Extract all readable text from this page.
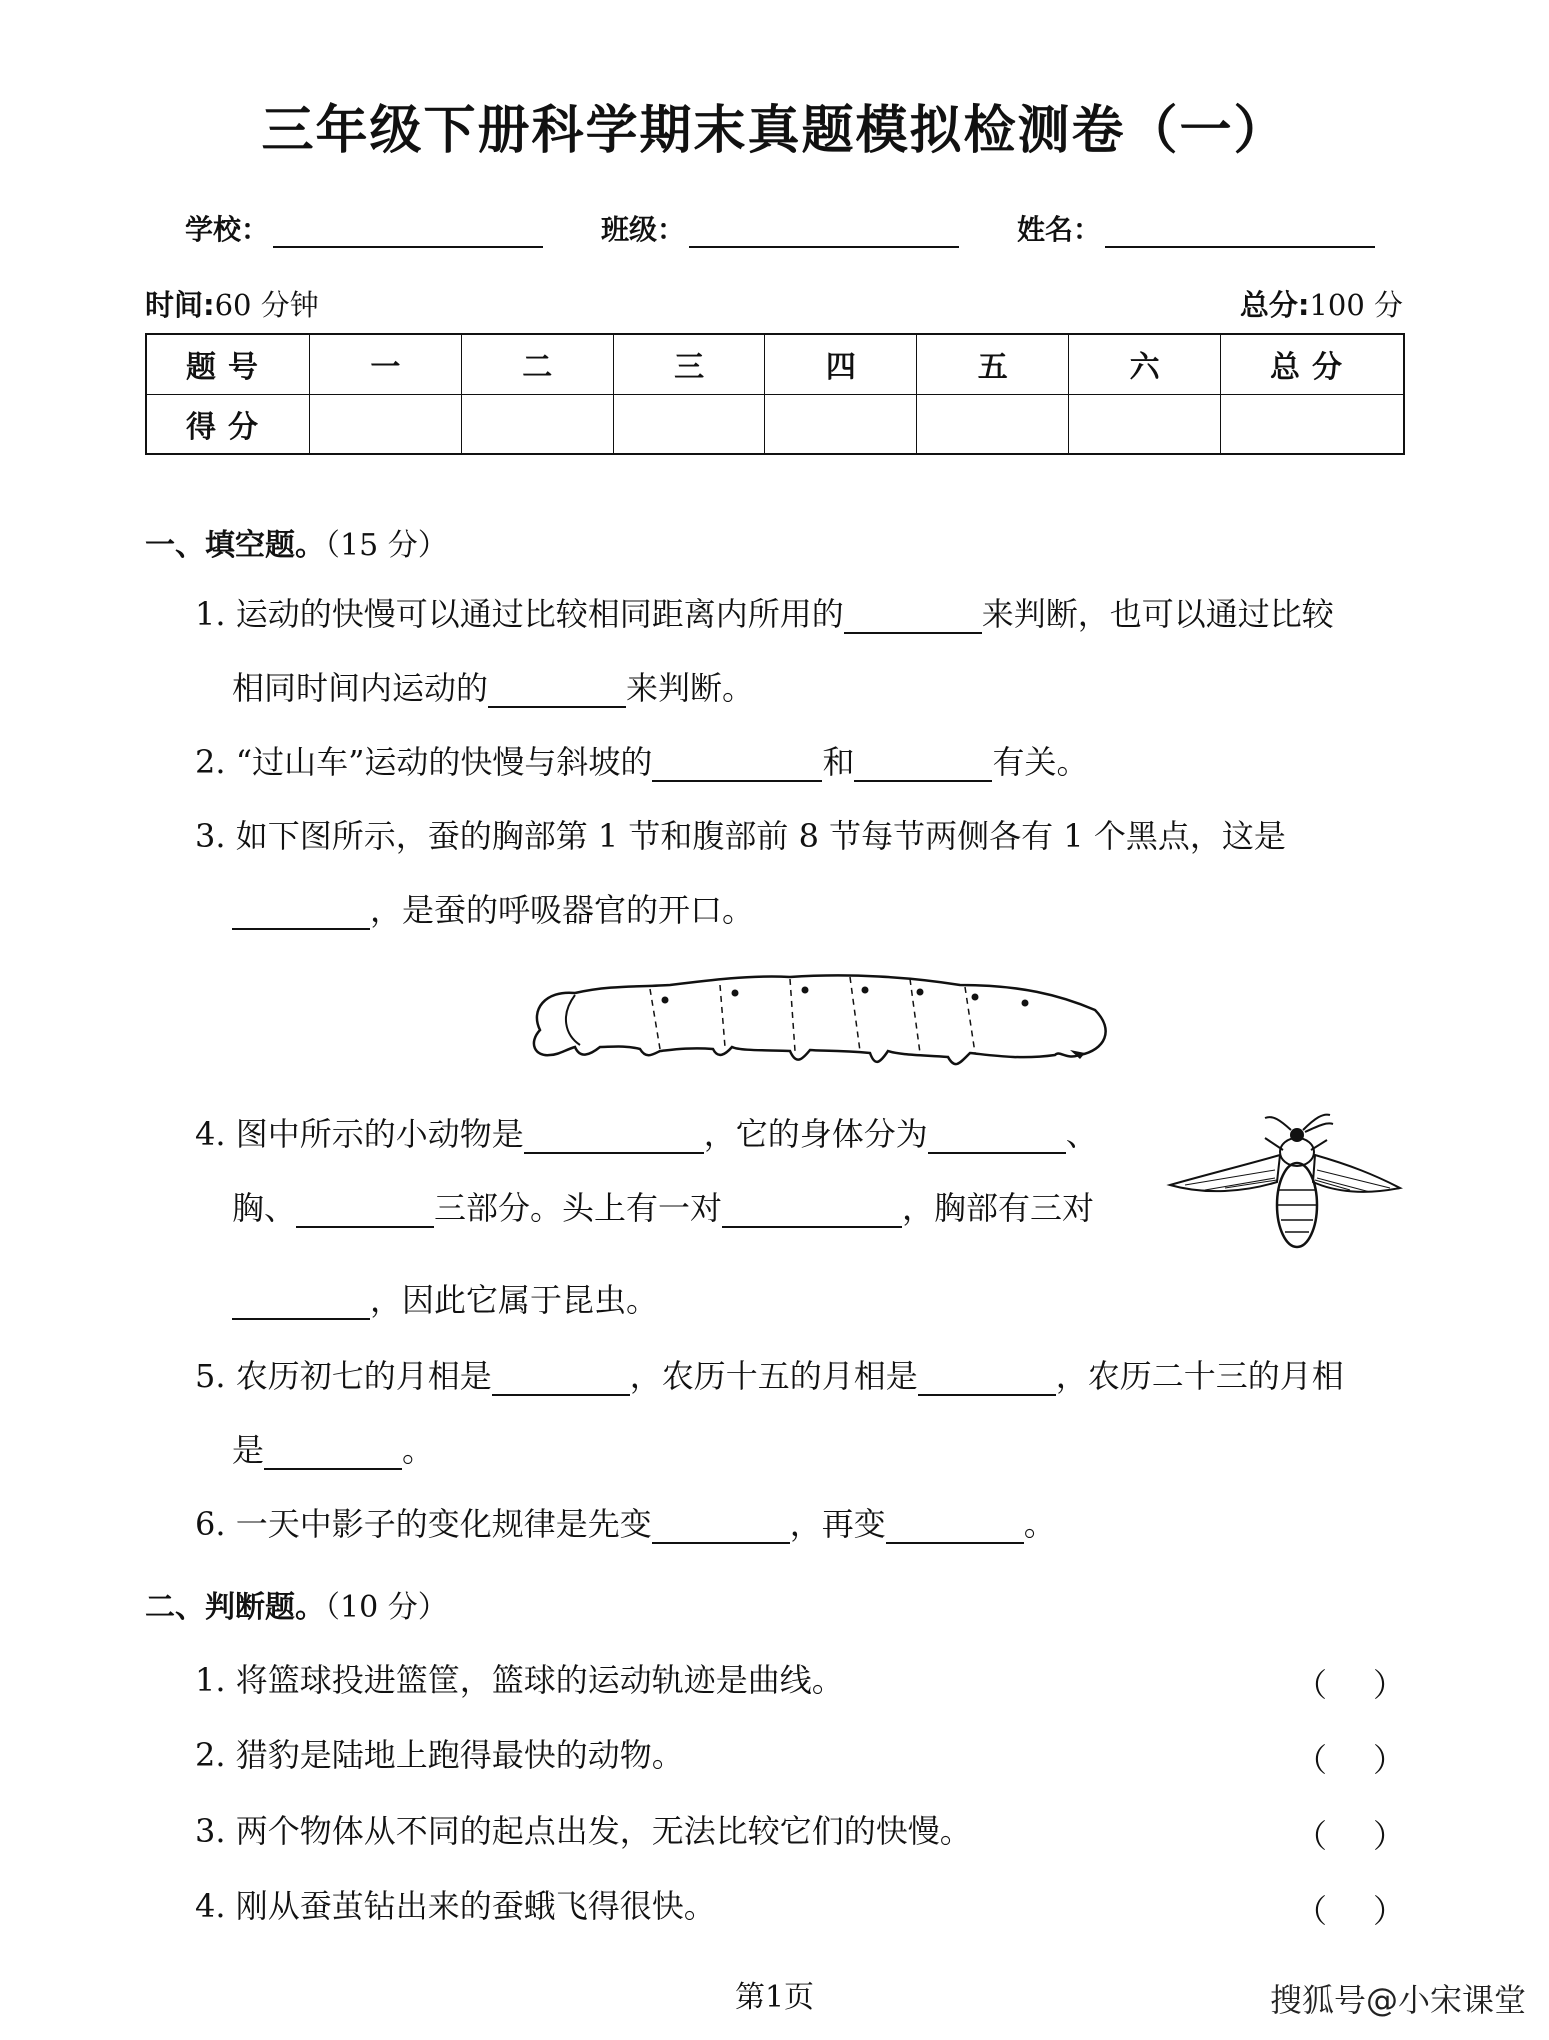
三年级下册科学期末真题模拟检测卷（一）
学校：	班级：	姓名：
时间:60 分钟	总分:100 分
题号	一	二	三	四	五	六	总分
得分							
一、填空题。（15 分）
1. 运动的快慢可以通过比较相同距离内所用的	来判断，也可以通过比较
相同时间内运动的	来判断。
2. “过山车”运动的快慢与斜坡的	和	有关。
3. 如下图所示，蚕的胸部第 1 节和腹部前 8 节每节两侧各有 1 个黑点，这是
，是蚕的呼吸器官的开口。
4. 图中所示的小动物是	，它的身体分为	、
胸、	三部分。头上有一对	，胸部有三对
，因此它属于昆虫。
5. 农历初七的月相是	，农历十五的月相是	，农历二十三的月相
是	。
6. 一天中影子的变化规律是先变	，再变	。
二、判断题。（10 分）
1. 将篮球投进篮筐，篮球的运动轨迹是曲线。	（ ）
2. 猎豹是陆地上跑得最快的动物。	（ ）
3. 两个物体从不同的起点出发，无法比较它们的快慢。	（ ）
4. 刚从蚕茧钻出来的蚕蛾飞得很快。	（ ）
第1页	搜狐号@小宋课堂
